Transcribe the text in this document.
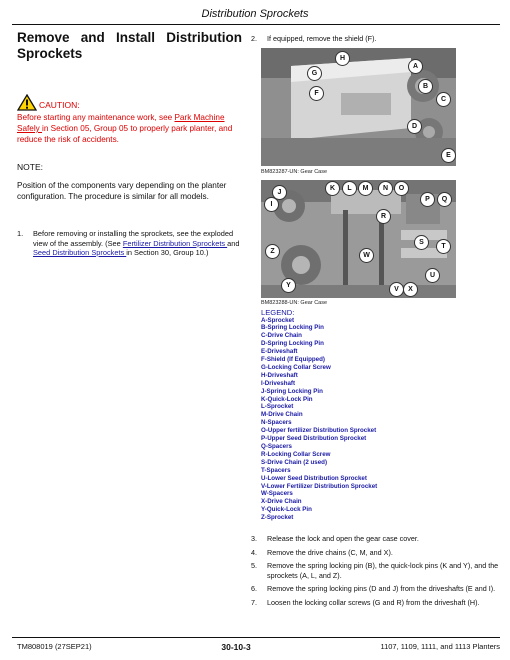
Distribution Sprockets
Remove and Install Distribution Sprockets
CAUTION:
Before starting any maintenance work, see Park Machine Safely in Section 05, Group 05 to properly park planter, and reduce the risk of accidents.
NOTE:
Position of the components vary depending on the planter configuration. The procedure is similar for all models.
1.	Before removing or installing the sprockets, see the exploded view of the assembly. (See Fertilizer Distribution Sprockets and Seed Distribution Sprockets in Section 30, Group 10.)
2.	If equipped, remove the shield (F).
H
G
F
A
B
C
D
E
BM823287-UN: Gear Case
K	L	M	N	O
J
I
P	Q
R
S
T
Z
W
U
V
Y
X
BM823288-UN: Gear Case
LEGEND:
A-Sprocket
B-Spring Locking Pin
C-Drive Chain
D-Spring Locking Pin
E-Driveshaft
F-Shield (If Equipped)
G-Locking Collar Screw
H-Driveshaft
I-Driveshaft
J-Spring Locking Pin
K-Quick-Lock Pin
L-Sprocket
M-Drive Chain
N-Spacers
O-Upper fertilizer Distribution Sprocket
P-Upper Seed Distribution Sprocket
Q-Spacers
R-Locking Collar Screw
S-Drive Chain (2 used)
T-Spacers
U-Lower Seed Distribution Sprocket
V-Lower Fertilizer Distribution Sprocket
W-Spacers
X-Drive Chain
Y-Quick-Lock Pin
Z-Sprocket
3.	Release the lock and open the gear case cover.
4.	Remove the drive chains (C, M, and X).
5.	Remove the spring locking pin (B), the quick-lock pins (K and Y), and the sprockets (A, L, and Z).
6.	Remove the spring locking pins (D and J) from the driveshafts (E and I).
7.	Loosen the locking collar screws (G and R) from the driveshaft (H).
TM808019 (27SEP21)	30-10-3	1107, 1109, 1111, and 1113 Planters
